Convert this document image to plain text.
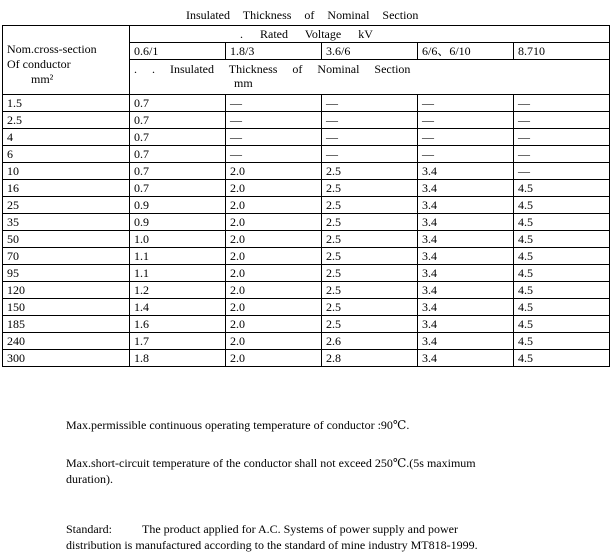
Insulated Thickness of Nominal Section
Nom.cross-section
Of conductor
mm²	. Rated Voltage kV				
	0.6/1	1.8/3	3.6/6	6/6、6/10	8.710

	. . Insulated Thickness of Nominal Section
mm				

1.5	0.7	—	—	—	—
2.5	0.7	—	—	—	—
4	0.7	—	—	—	—
6	0.7	—	—	—	—
10	0.7	2.0	2.5	3.4	—
16	0.7	2.0	2.5	3.4	4.5
25	0.9	2.0	2.5	3.4	4.5
35	0.9	2.0	2.5	3.4	4.5
50	1.0	2.0	2.5	3.4	4.5
70	1.1	2.0	2.5	3.4	4.5
95	1.1	2.0	2.5	3.4	4.5
120	1.2	2.0	2.5	3.4	4.5
150	1.4	2.0	2.5	3.4	4.5
185	1.6	2.0	2.5	3.4	4.5
240	1.7	2.0	2.6	3.4	4.5
300	1.8	2.0	2.8	3.4	4.5
Max.permissible continuous operating temperature of conductor :90℃.
Max.short-circuit temperature of the conductor shall not exceed 250℃.(5s maximum
duration).
Standard:	The product applied for A.C. Systems of power supply and power
distribution is manufactured according to the standard of mine industry MT818-1999.
